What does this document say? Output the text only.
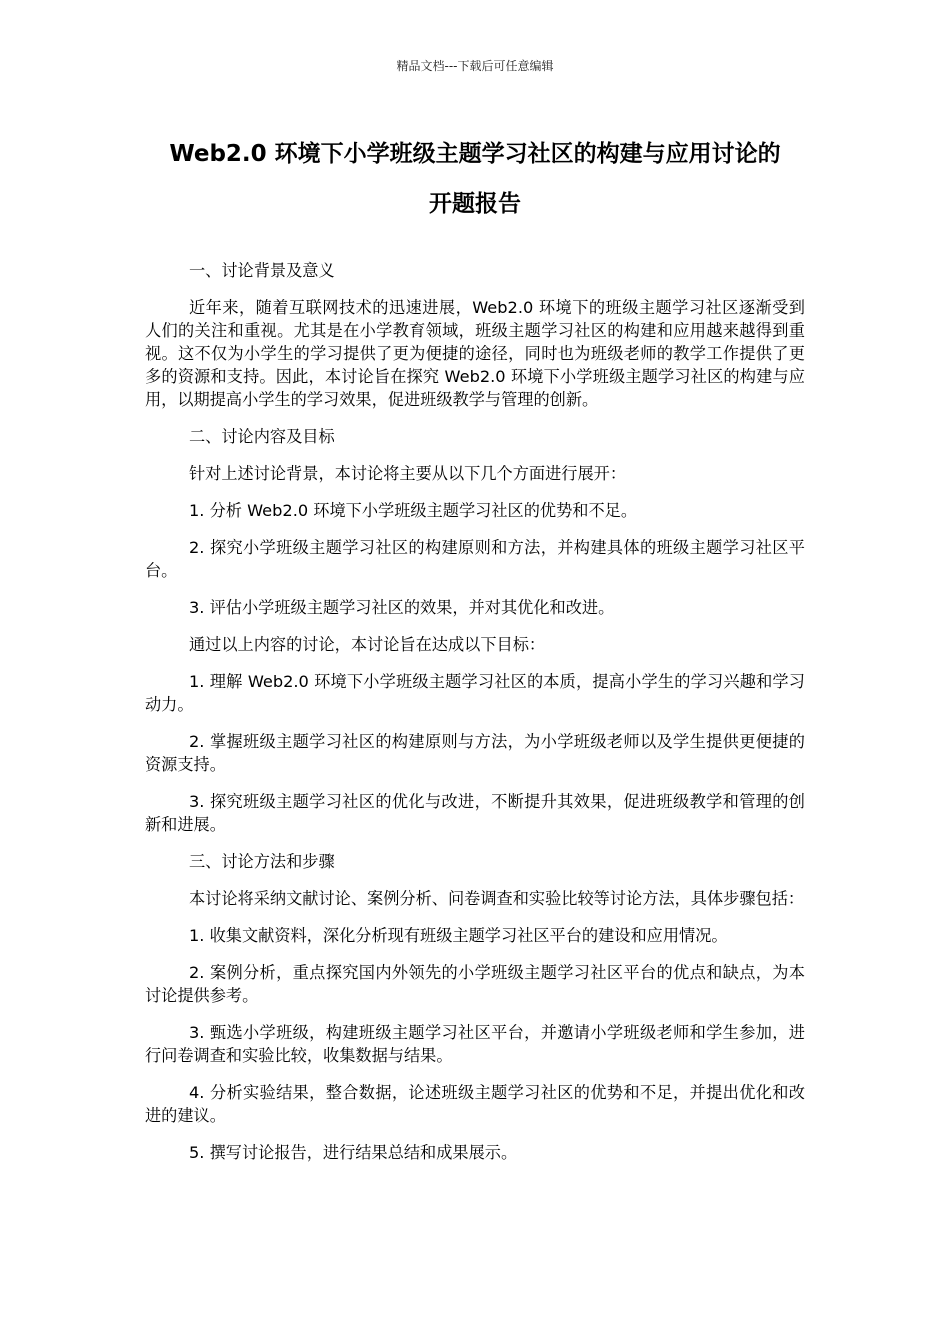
精品文档---下载后可任意编辑
Web2.0 环境下小学班级主题学习社区的构建与应用讨论的
开题报告

一、讨论背景及意义

近年来，随着互联网技术的迅速进展，Web2.0 环境下的班级主题学习社区逐渐受到人们的关注和重视。尤其是在小学教育领域，班级主题学习社区的构建和应用越来越得到重视。这不仅为小学生的学习提供了更为便捷的途径，同时也为班级老师的教学工作提供了更多的资源和支持。因此，本讨论旨在探究 Web2.0 环境下小学班级主题学习社区的构建与应用，以期提高小学生的学习效果，促进班级教学与管理的创新。

二、讨论内容及目标

针对上述讨论背景，本讨论将主要从以下几个方面进行展开：

1. 分析 Web2.0 环境下小学班级主题学习社区的优势和不足。

2. 探究小学班级主题学习社区的构建原则和方法，并构建具体的班级主题学习社区平台。

3. 评估小学班级主题学习社区的效果，并对其优化和改进。

通过以上内容的讨论，本讨论旨在达成以下目标：

1. 理解 Web2.0 环境下小学班级主题学习社区的本质，提高小学生的学习兴趣和学习动力。

2. 掌握班级主题学习社区的构建原则与方法，为小学班级老师以及学生提供更便捷的资源支持。

3. 探究班级主题学习社区的优化与改进，不断提升其效果，促进班级教学和管理的创新和进展。

三、讨论方法和步骤

本讨论将采纳文献讨论、案例分析、问卷调查和实验比较等讨论方法，具体步骤包括：

1. 收集文献资料，深化分析现有班级主题学习社区平台的建设和应用情况。

2. 案例分析，重点探究国内外领先的小学班级主题学习社区平台的优点和缺点，为本讨论提供参考。

3. 甄选小学班级，构建班级主题学习社区平台，并邀请小学班级老师和学生参加，进行问卷调查和实验比较，收集数据与结果。

4. 分析实验结果，整合数据，论述班级主题学习社区的优势和不足，并提出优化和改进的建议。

5. 撰写讨论报告，进行结果总结和成果展示。
